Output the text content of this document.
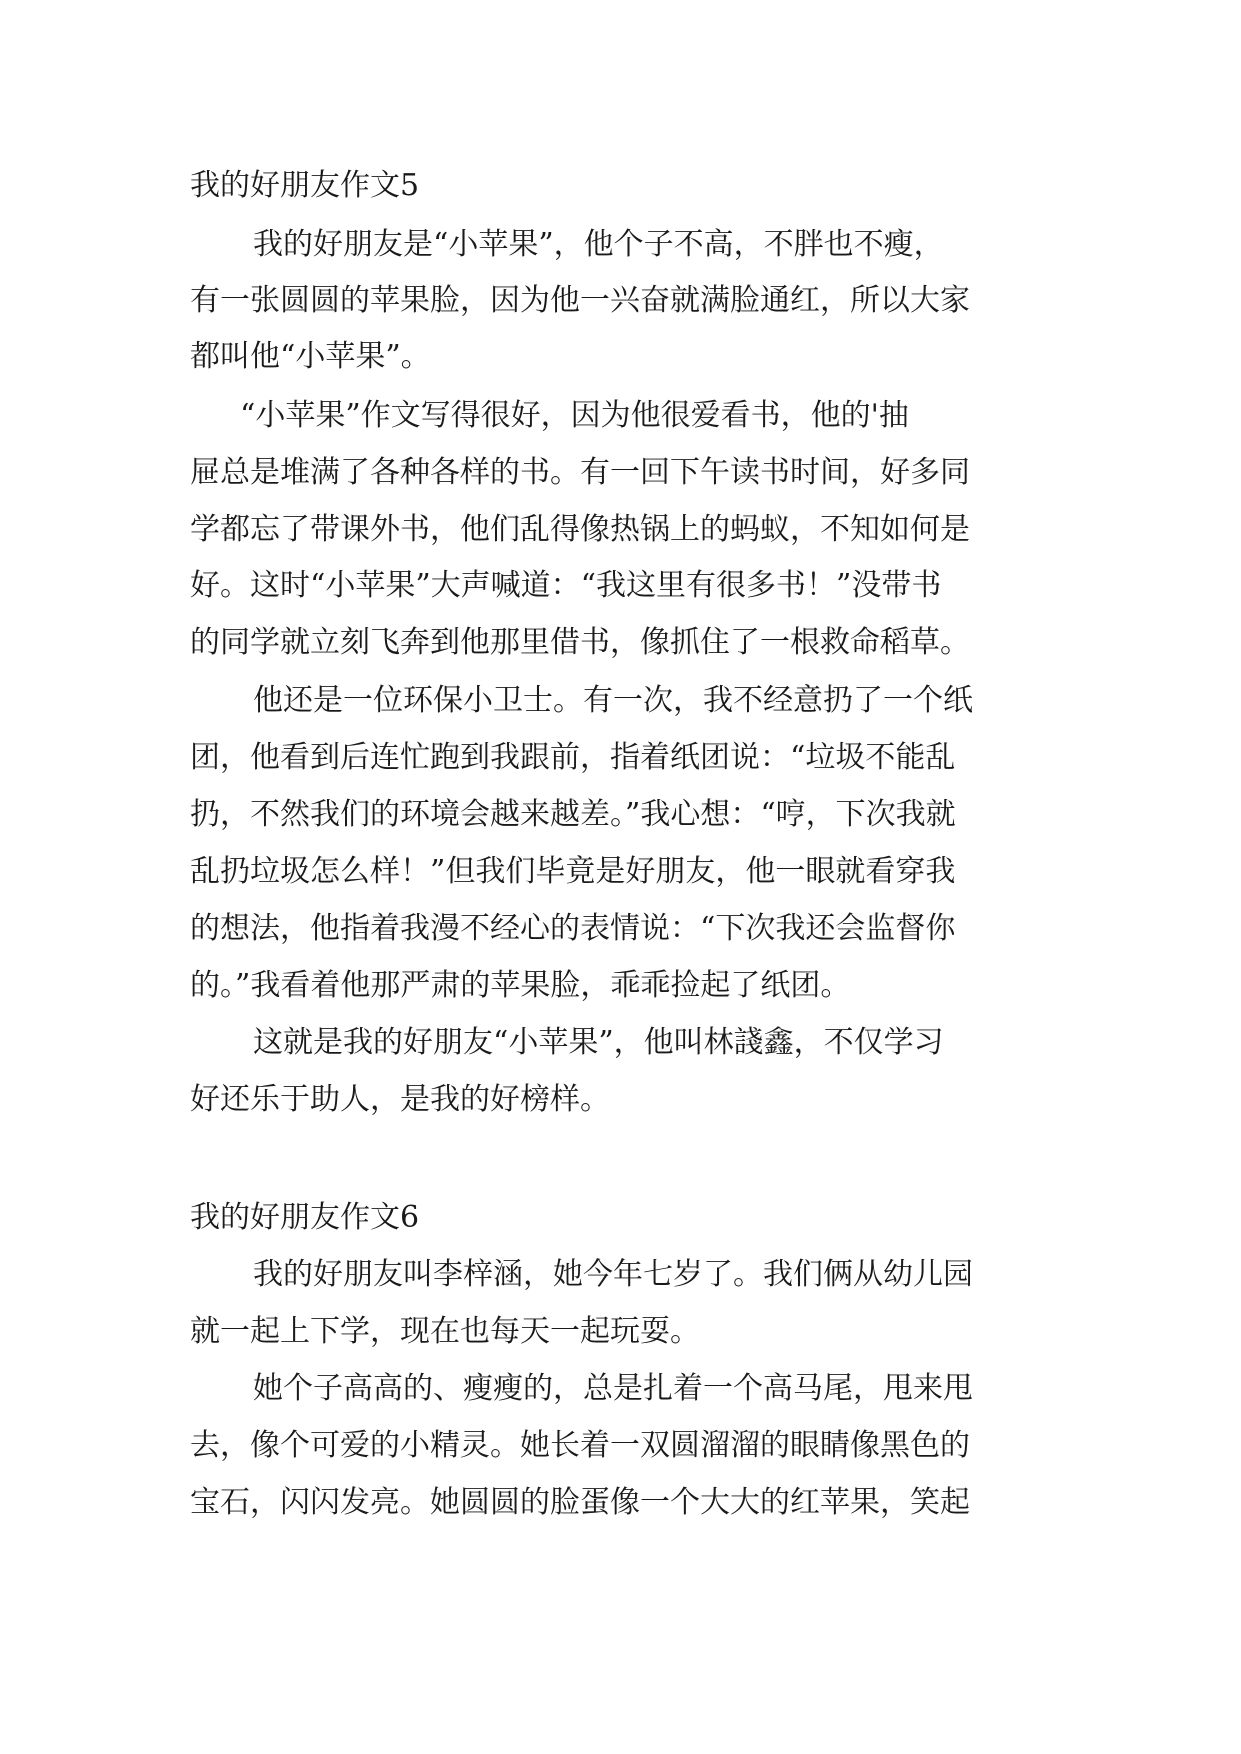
我的好朋友作文5
我的好朋友是“小苹果”，他个子不高，不胖也不瘦，
有一张圆圆的苹果脸，因为他一兴奋就满脸通红，所以大家
都叫他“小苹果”。
“小苹果”作文写得很好，因为他很爱看书，他的'抽
屉总是堆满了各种各样的书。有一回下午读书时间，好多同
学都忘了带课外书，他们乱得像热锅上的蚂蚁，不知如何是
好。这时“小苹果”大声喊道：“我这里有很多书！”没带书
的同学就立刻飞奔到他那里借书，像抓住了一根救命稻草。
他还是一位环保小卫士。有一次，我不经意扔了一个纸
团，他看到后连忙跑到我跟前，指着纸团说：“垃圾不能乱
扔，不然我们的环境会越来越差。”我心想：“哼，下次我就
乱扔垃圾怎么样！”但我们毕竟是好朋友，他一眼就看穿我
的想法，他指着我漫不经心的表情说：“下次我还会监督你
的。”我看着他那严肃的苹果脸，乖乖捡起了纸团。
这就是我的好朋友“小苹果”，他叫林諓鑫，不仅学习
好还乐于助人，是我的好榜样。
我的好朋友作文6
我的好朋友叫李梓涵，她今年七岁了。我们俩从幼儿园
就一起上下学，现在也每天一起玩耍。
她个子高高的、瘦瘦的，总是扎着一个高马尾，甩来甩
去，像个可爱的小精灵。她长着一双圆溜溜的眼睛像黑色的
宝石，闪闪发亮。她圆圆的脸蛋像一个大大的红苹果，笑起
